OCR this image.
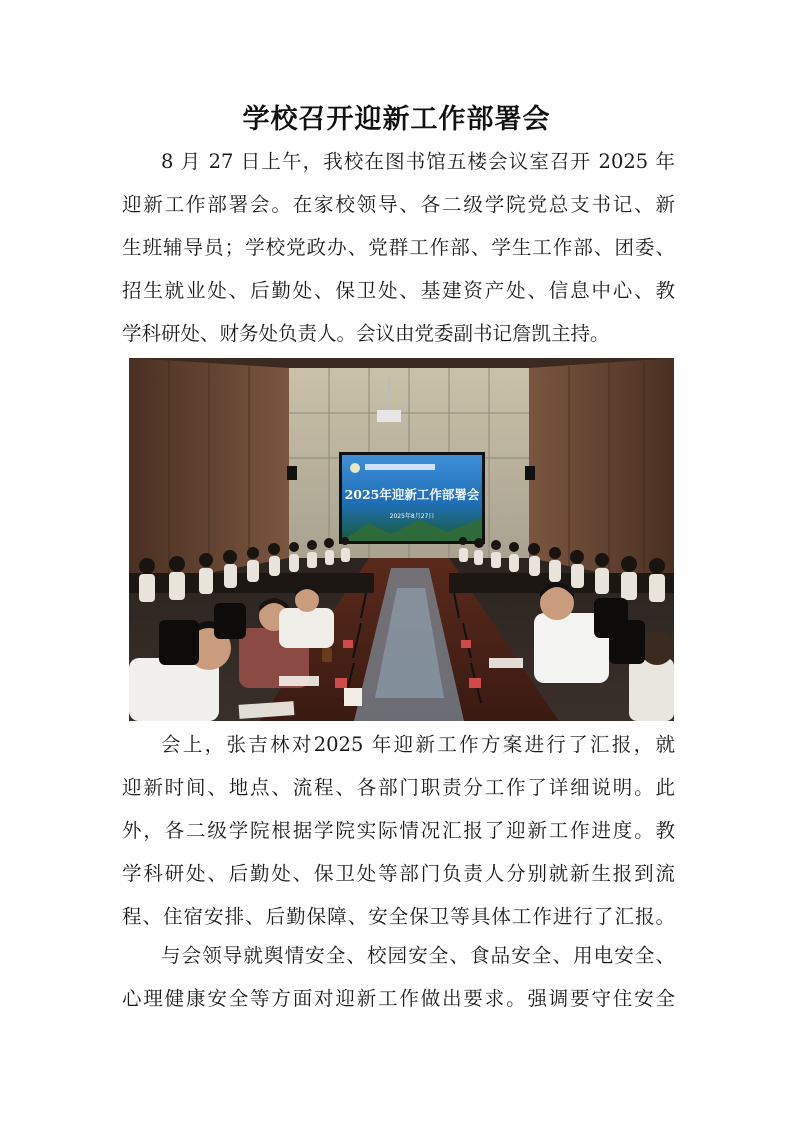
学校召开迎新工作部署会
8 月 27 日上午，我校在图书馆五楼会议室召开 2025 年
迎新工作部署会。在家校领导、各二级学院党总支书记、新
生班辅导员；学校党政办、党群工作部、学生工作部、团委、
招生就业处、后勤处、保卫处、基建资产处、信息中心、教
学科研处、财务处负责人。会议由党委副书记詹凯主持。
2025年迎新工作部署会
2025年8月27日
会上，张吉林对2025 年迎新工作方案进行了汇报，就
迎新时间、地点、流程、各部门职责分工作了详细说明。此
外，各二级学院根据学院实际情况汇报了迎新工作进度。教
学科研处、后勤处、保卫处等部门负责人分别就新生报到流
程、住宿安排、后勤保障、安全保卫等具体工作进行了汇报。
与会领导就舆情安全、校园安全、食品安全、用电安全、
心理健康安全等方面对迎新工作做出要求。强调要守住安全
